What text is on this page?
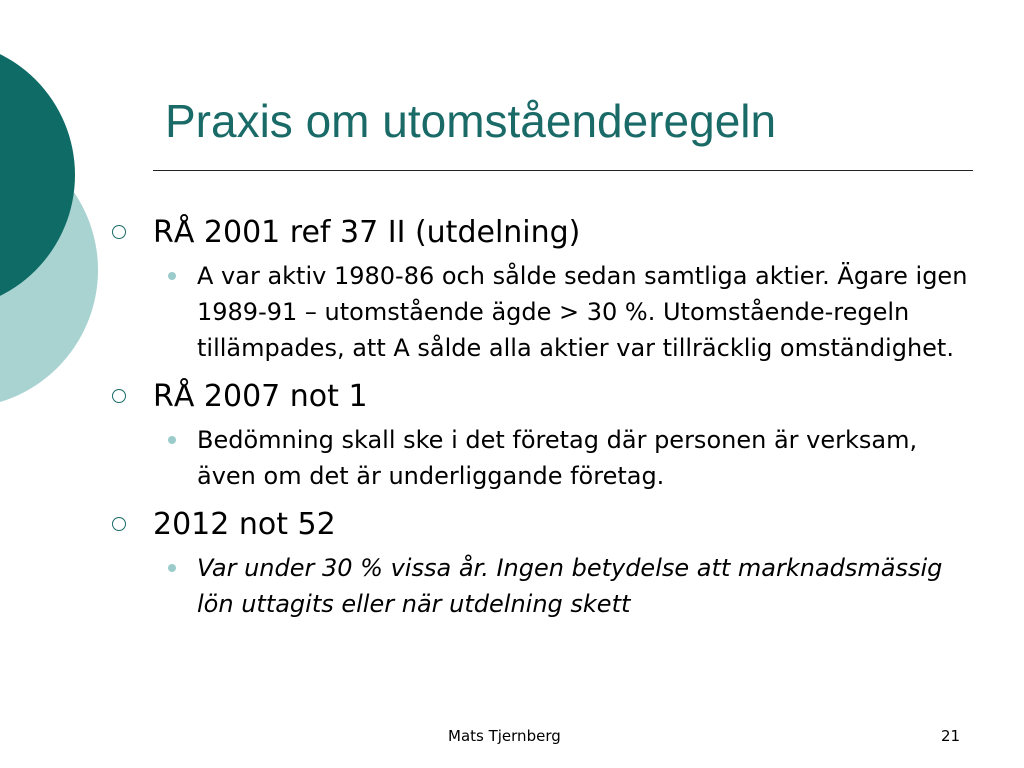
Praxis om utomståenderegeln
RÅ 2001 ref 37 II (utdelning)
A var aktiv 1980-86 och sålde sedan samtliga aktier. Ägare igen 1989-91 – utomstående ägde > 30 %. Utomstående-regeln tillämpades, att A sålde alla aktier var tillräcklig omständighet.
RÅ 2007 not 1
Bedömning skall ske i det företag där personen är verksam, även om det är underliggande företag.
2012 not 52
Var under 30 % vissa år. Ingen betydelse att marknadsmässig lön uttagits eller när utdelning skett
Mats Tjernberg	21
